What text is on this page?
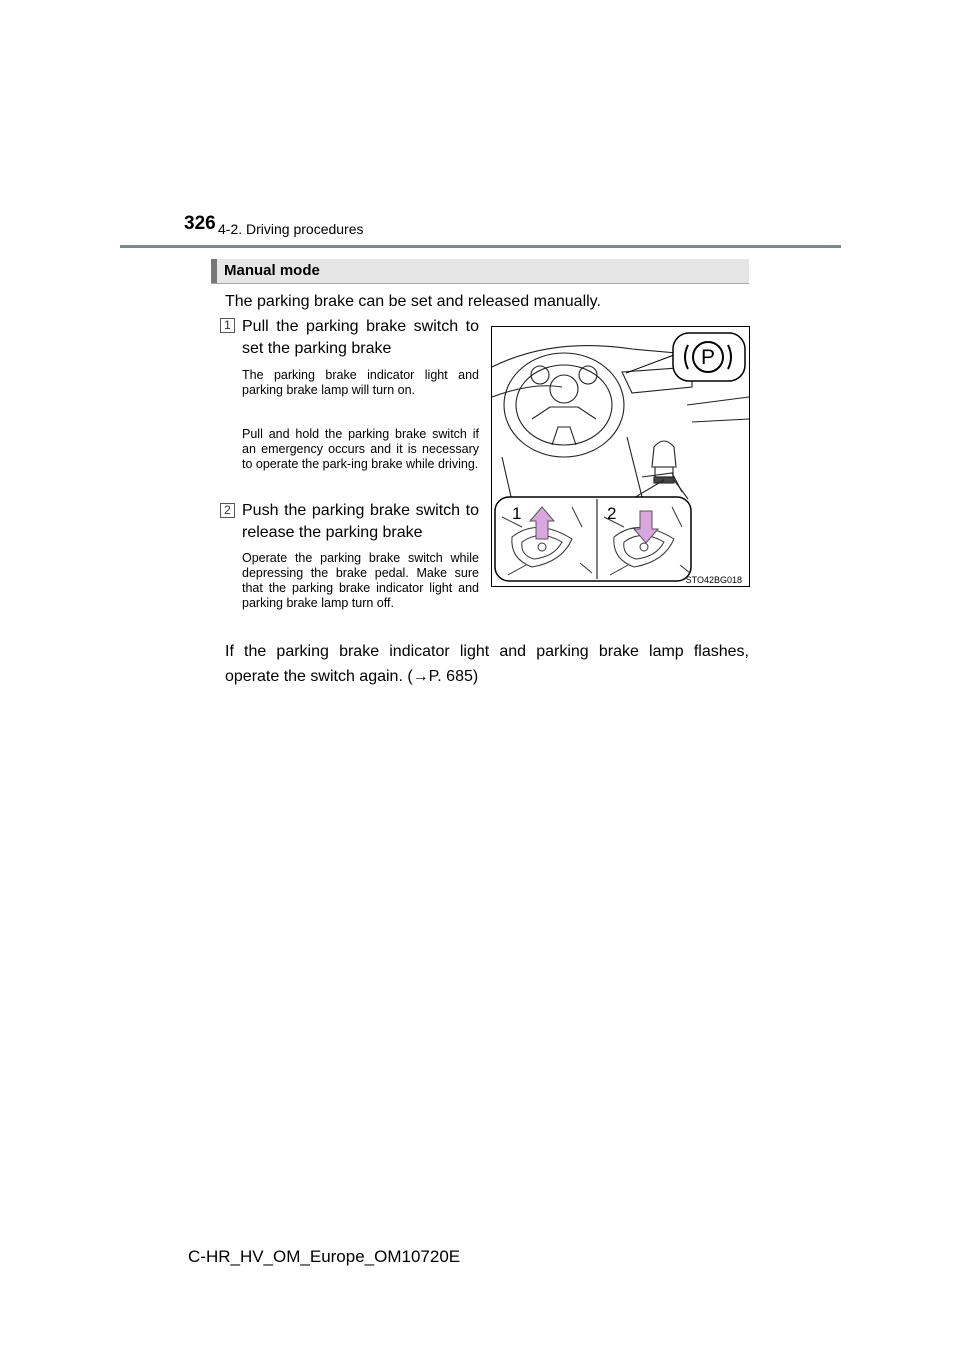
326 4-2. Driving procedures
Manual mode
The parking brake can be set and released manually.
1 Pull the parking brake switch to set the parking brake
The parking brake indicator light and parking brake lamp will turn on.
Pull and hold the parking brake switch if an emergency occurs and it is necessary to operate the park-ing brake while driving.
2 Push the parking brake switch to release the parking brake
Operate the parking brake switch while depressing the brake pedal. Make sure that the parking brake indicator light and parking brake lamp turn off.
P
1	2
STO42BG018
If the parking brake indicator light and parking brake lamp flashes, operate the switch again. (→P. 685)
C-HR_HV_OM_Europe_OM10720E
